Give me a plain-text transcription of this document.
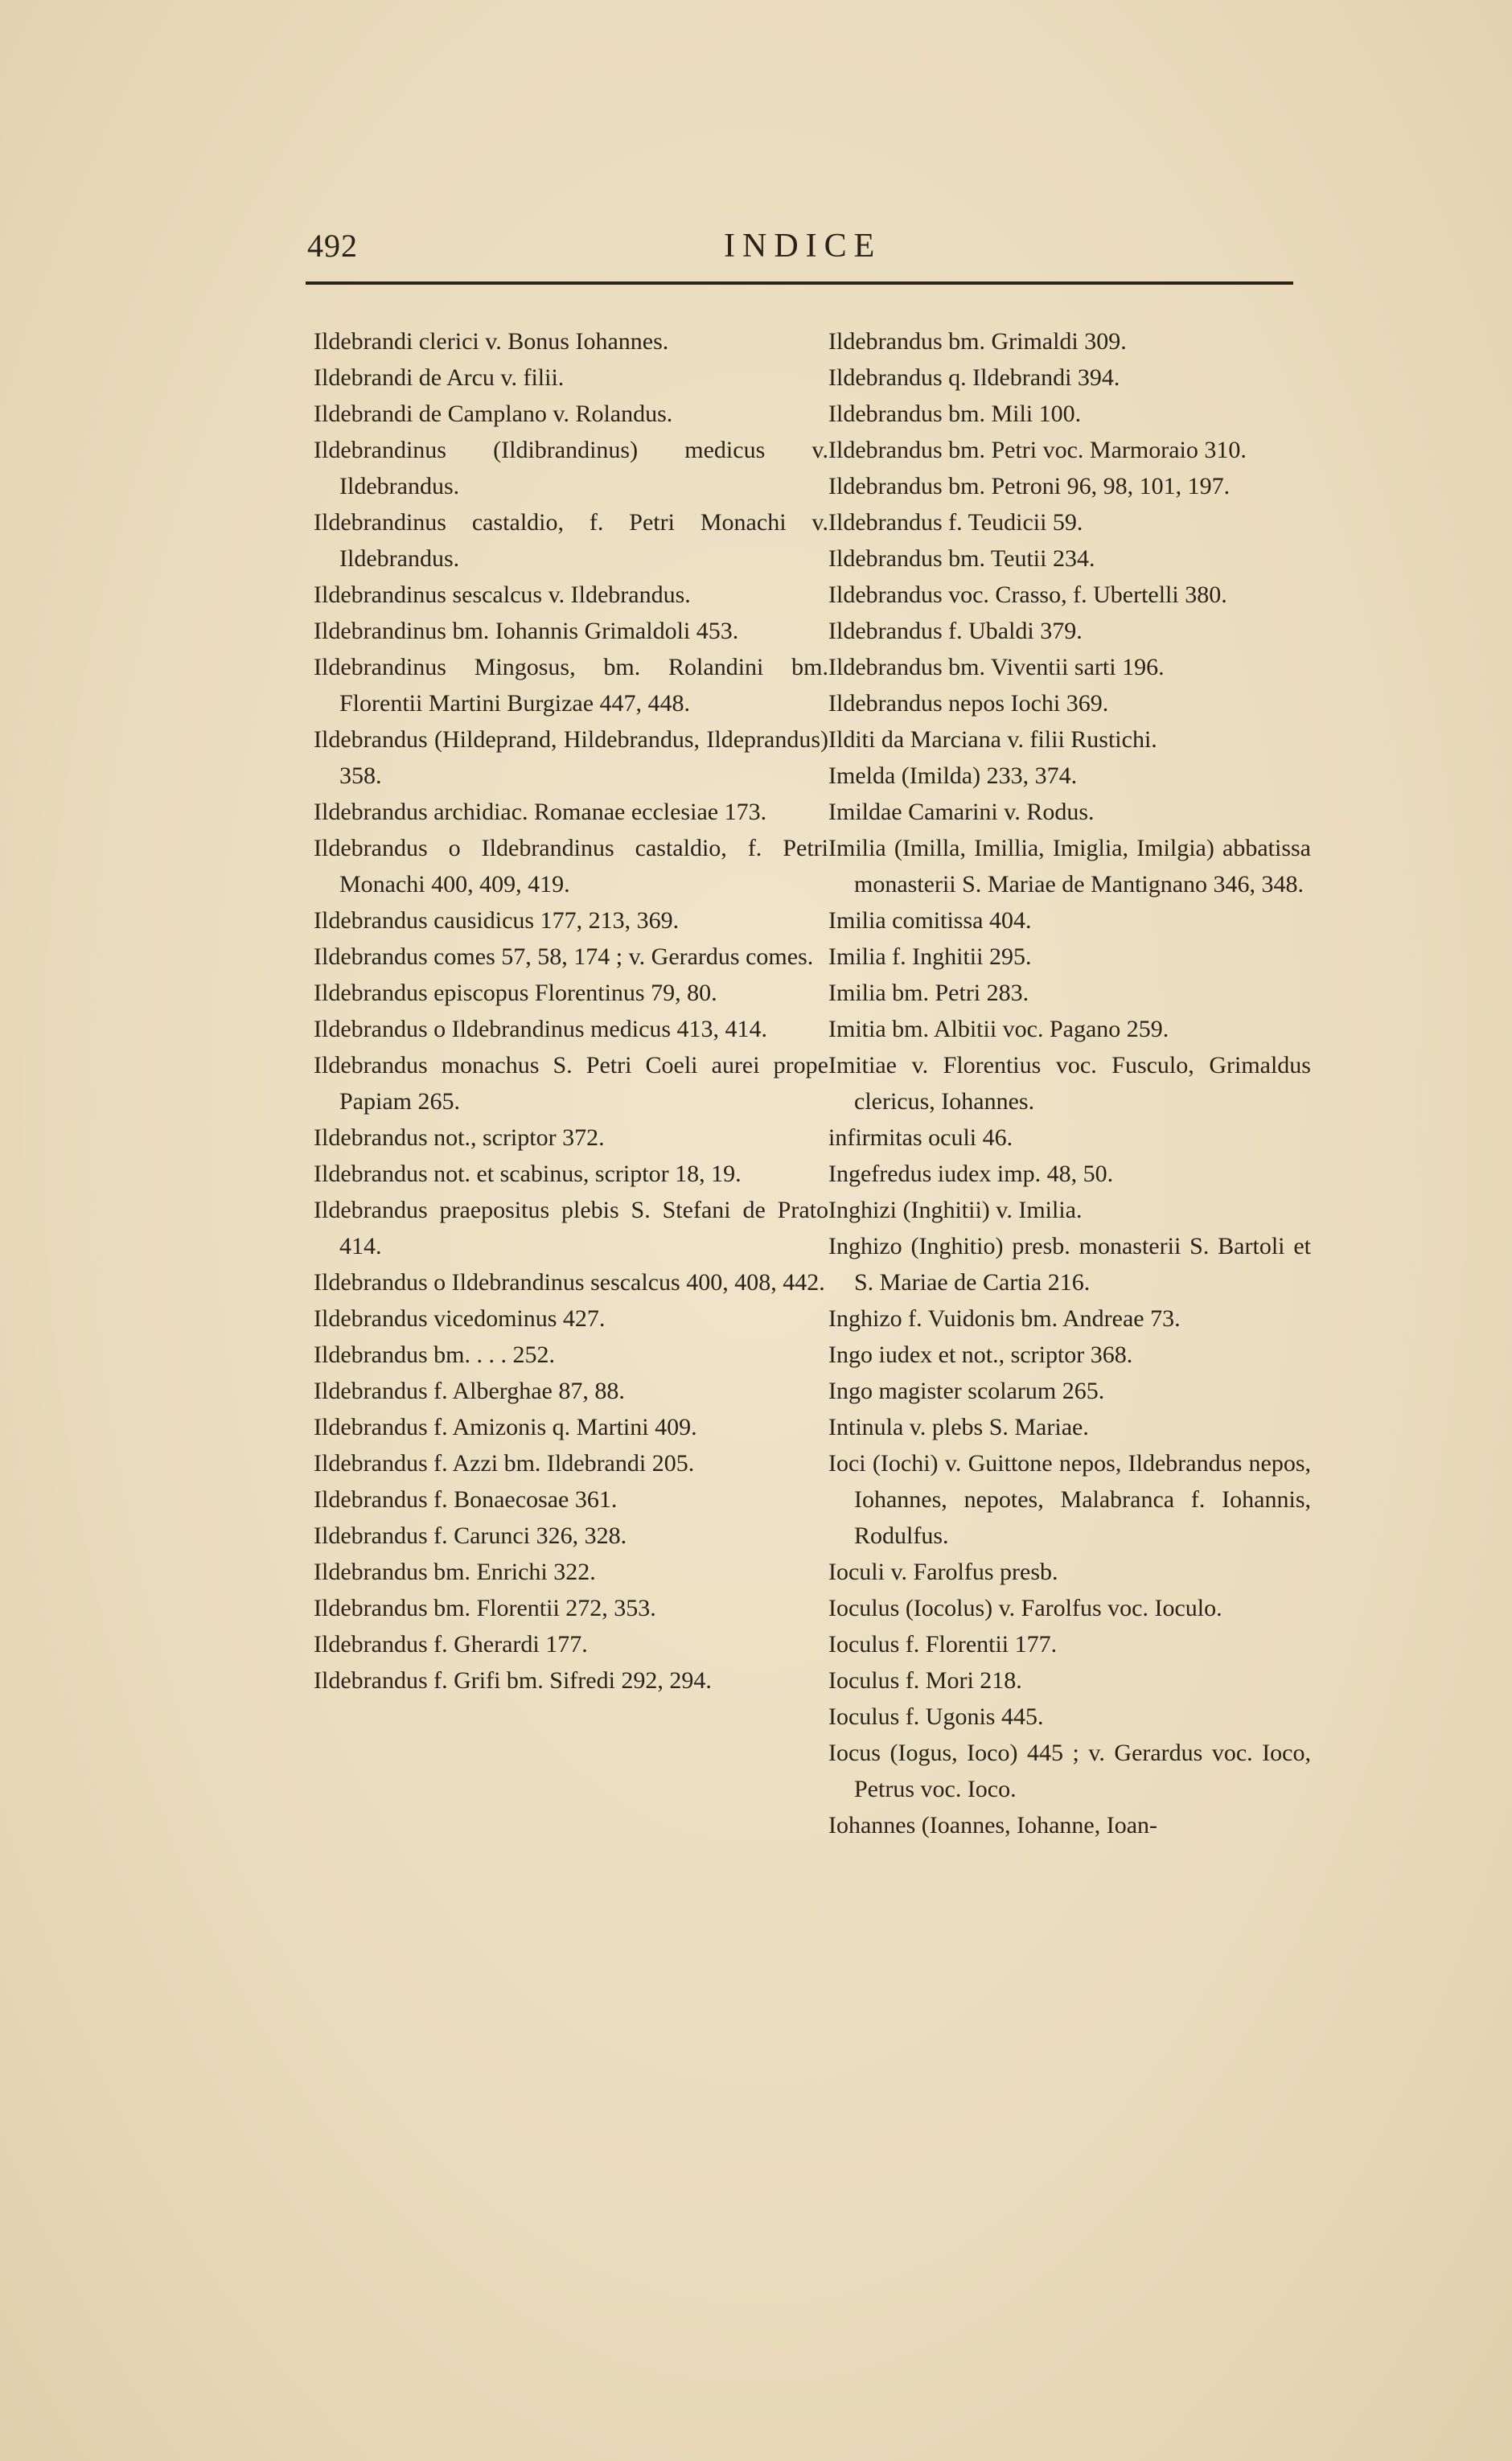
492	INDICE
Ildebrandi clerici v. Bonus Iohannes.
Ildebrandi de Arcu v. filii.
Ildebrandi de Camplano v. Rolandus.
Ildebrandinus (Ildibrandinus) medicus v. Ildebrandus.
Ildebrandinus castaldio, f. Petri Monachi v. Ildebrandus.
Ildebrandinus sescalcus v. Ildebrandus.
Ildebrandinus bm. Iohannis Grimaldoli 453.
Ildebrandinus Mingosus, bm. Rolandini bm. Florentii Martini Burgizae 447, 448.
Ildebrandus (Hildeprand, Hildebrandus, Ildeprandus) 358.
Ildebrandus archidiac. Romanae ecclesiae 173.
Ildebrandus o Ildebrandinus castaldio, f. Petri Monachi 400, 409, 419.
Ildebrandus causidicus 177, 213, 369.
Ildebrandus comes 57, 58, 174 ; v. Gerardus comes.
Ildebrandus episcopus Florentinus 79, 80.
Ildebrandus o Ildebrandinus medicus 413, 414.
Ildebrandus monachus S. Petri Coeli aurei prope Papiam 265.
Ildebrandus not., scriptor 372.
Ildebrandus not. et scabinus, scriptor 18, 19.
Ildebrandus praepositus plebis S. Stefani de Prato 414.
Ildebrandus o Ildebrandinus sescalcus 400, 408, 442.
Ildebrandus vicedominus 427.
Ildebrandus bm. . . . 252.
Ildebrandus f. Alberghae 87, 88.
Ildebrandus f. Amizonis q. Martini 409.
Ildebrandus f. Azzi bm. Ildebrandi 205.
Ildebrandus f. Bonaecosae 361.
Ildebrandus f. Carunci 326, 328.
Ildebrandus bm. Enrichi 322.
Ildebrandus bm. Florentii 272, 353.
Ildebrandus f. Gherardi 177.
Ildebrandus f. Grifi bm. Sifredi 292, 294.
Ildebrandus bm. Grimaldi 309.
Ildebrandus q. Ildebrandi 394.
Ildebrandus bm. Mili 100.
Ildebrandus bm. Petri voc. Marmoraio 310.
Ildebrandus bm. Petroni 96, 98, 101, 197.
Ildebrandus f. Teudicii 59.
Ildebrandus bm. Teutii 234.
Ildebrandus voc. Crasso, f. Ubertelli 380.
Ildebrandus f. Ubaldi 379.
Ildebrandus bm. Viventii sarti 196.
Ildebrandus nepos Iochi 369.
Ilditi da Marciana v. filii Rustichi.
Imelda (Imilda) 233, 374.
Imildae Camarini v. Rodus.
Imilia (Imilla, Imillia, Imiglia, Imilgia) abbatissa monasterii S. Mariae de Mantignano 346, 348.
Imilia comitissa 404.
Imilia f. Inghitii 295.
Imilia bm. Petri 283.
Imitia bm. Albitii voc. Pagano 259.
Imitiae v. Florentius voc. Fusculo, Grimaldus clericus, Iohannes.
infirmitas oculi 46.
Ingefredus iudex imp. 48, 50.
Inghizi (Inghitii) v. Imilia.
Inghizo (Inghitio) presb. monasterii S. Bartoli et S. Mariae de Cartia 216.
Inghizo f. Vuidonis bm. Andreae 73.
Ingo iudex et not., scriptor 368.
Ingo magister scolarum 265.
Intinula v. plebs S. Mariae.
Ioci (Iochi) v. Guittone nepos, Ildebrandus nepos, Iohannes, nepotes, Malabranca f. Iohannis, Rodulfus.
Ioculi v. Farolfus presb.
Ioculus (Iocolus) v. Farolfus voc. Ioculo.
Ioculus f. Florentii 177.
Ioculus f. Mori 218.
Ioculus f. Ugonis 445.
Iocus (Iogus, Ioco) 445 ; v. Gerardus voc. Ioco, Petrus voc. Ioco.
Iohannes (Ioannes, Iohanne, Ioan-
